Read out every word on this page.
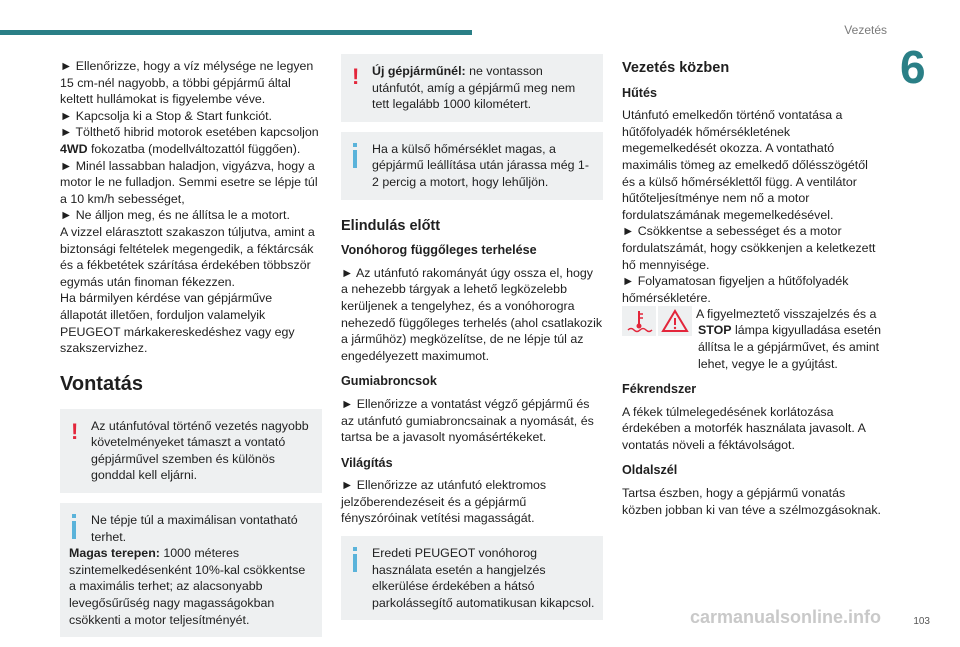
Vezetés
6

► Ellenőrizze, hogy a víz mélysége ne legyen 15 cm-nél nagyobb, a többi gépjármű által keltett hullámokat is figyelembe véve.

► Kapcsolja ki a Stop & Start funkciót.

► Tölthető hibrid motorok esetében kapcsoljon
4WD fokozatba (modellváltozattól függően).

► Minél lassabban haladjon, vigyázva, hogy a motor le ne fulladjon. Semmi esetre se lépje túl a 10 km/h sebességet,

► Ne álljon meg, és ne állítsa le a motort.

A vizzel elárasztott szakaszon túljutva, amint a biztonsági feltételek megengedik, a féktárcsák és a fékbetétek szárítása érdekében többször egymás után finoman fékezzen.

Ha bármilyen kérdése van gépjárműve állapotát illetően, forduljon valamelyik PEUGEOT márkakereskedéshez vagy egy szakszervizhez.

Vontatás
!	Az utánfutóval történő vezetés nagyobb követelményeket támaszt a vontató gépjárművel szemben és különös gonddal kell eljárni.

Ne tépje túl a maximálisan vontatható terhet.

Magas terepen: 1000 méteres szintemelkedésenként 10%-kal csökkentse a maximális terhet; az alacsonyabb levegősűrűség nagy magasságokban csökkenti a motor teljesítményét.

!	Új gépjárműnél: ne vontasson utánfutót, amíg a gépjármű meg nem tett legalább 1000 kilométert.

Ha a külső hőmérséklet magas, a gépjármű leállítása után járassa még 1-2 percig a motort, hogy lehűljön.

Elindulás előtt
Vonóhorog függőleges terhelése

► Az utánfutó rakományát úgy ossza el, hogy a nehezebb tárgyak a lehető legközelebb kerüljenek a tengelyhez, és a vonóhorogra nehezedő függőleges terhelés (ahol csatlakozik a járműhöz) megközelítse, de ne lépje túl az engedélyezett maximumot.

Gumiabroncsok

► Ellenőrizze a vontatást végző gépjármű és az utánfutó gumiabroncsainak a nyomását, és tartsa be a javasolt nyomásértékeket.

Világítás

► Ellenőrizze az utánfutó elektromos jelzőberendezéseit és a gépjármű fényszóróinak vetítési magasságát.

Eredeti PEUGEOT vonóhorog használata esetén a hangjelzés elkerülése érdekében a hátsó parkolássegítő automatikusan kikapcsol.

Vezetés közben
Hűtés

Utánfutó emelkedőn történő vontatása a hűtőfolyadék hőmérsékletének megemelkedését okozza. A vontatható maximális tömeg az emelkedő dőlésszögétől és a külső hőmérséklettől függ. A ventilátor hűtőteljesítménye nem nő a motor fordulatszámának megemelkedésével.

► Csökkentse a sebességet és a motor fordulatszámát, hogy csökkenjen a keletkezett hő mennyisége.

► Folyamatosan figyeljen a hűtőfolyadék hőmérsékletére.

A figyelmeztető visszajelzés és a

STOP lámpa kigyulladása esetén állítsa le a gépjárművet, és amint lehet, vegye le a gyújtást.

Fékrendszer

A fékek túlmelegedésének korlátozása érdekében a motorfék használata javasolt. A vontatás növeli a féktávolságot.

Oldalszél

Tartsa észben, hogy a gépjármű vonatás közben jobban ki van téve a szélmozgásoknak.

carmanualsonline.info	103
